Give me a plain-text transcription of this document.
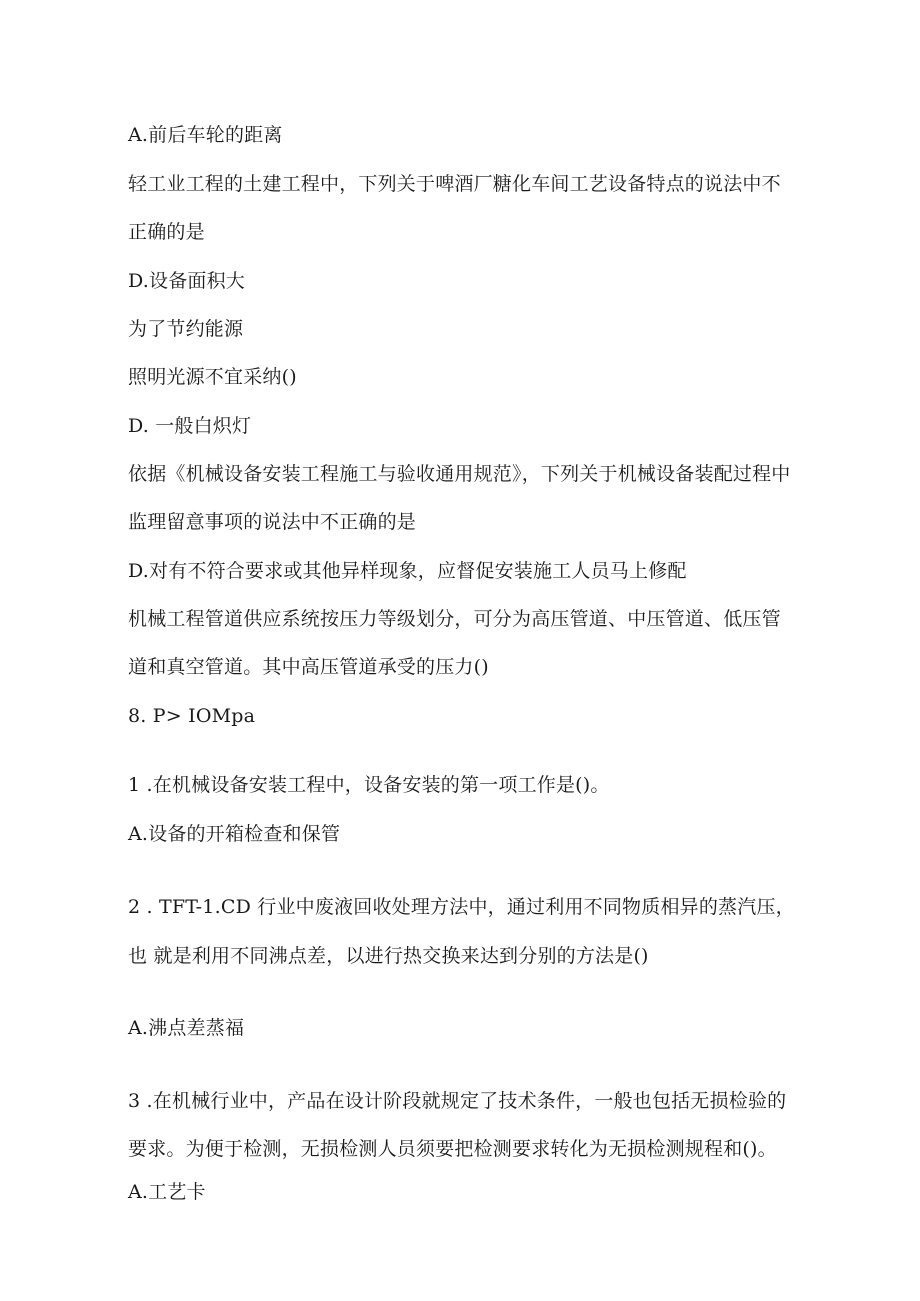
A.前后车轮的距离
轻工业工程的土建工程中，下列关于啤酒厂糖化车间工艺设备特点的说法中不
正确的是
D.设备面积大
为了节约能源
照明光源不宜采纳()
D. 一般白炽灯
依据《机械设备安装工程施工与验收通用规范》，下列关于机械设备装配过程中
监理留意事项的说法中不正确的是
D.对有不符合要求或其他异样现象，应督促安装施工人员马上修配
机械工程管道供应系统按压力等级划分，可分为高压管道、中压管道、低压管
道和真空管道。其中高压管道承受的压力()
8. P> IOMpa
1 .在机械设备安装工程中，设备安装的第一项工作是()。
A.设备的开箱检查和保管
2 . TFT-1.CD 行业中废液回收处理方法中，通过利用不同物质相异的蒸汽压，
也 就是利用不同沸点差，以进行热交换来达到分别的方法是()
A.沸点差蒸福
3 .在机械行业中，产品在设计阶段就规定了技术条件，一般也包括无损检验的
要求。为便于检测，无损检测人员须要把检测要求转化为无损检测规程和()。
A.工艺卡
